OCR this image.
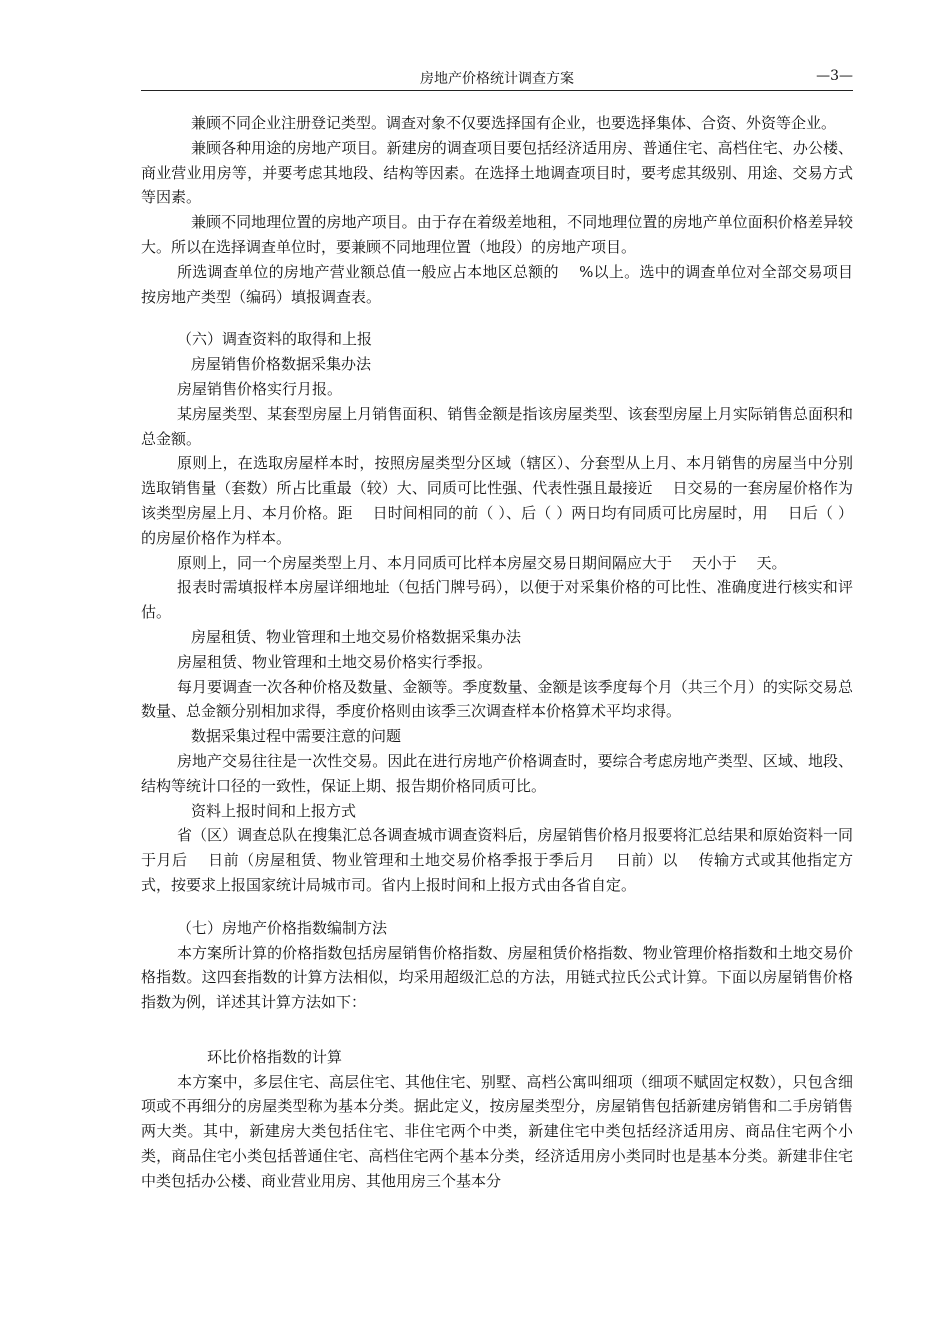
房地产价格统计调查方案	—3—

兼顾不同企业注册登记类型。调查对象不仅要选择国有企业，也要选择集体、合资、外资等企业。

兼顾各种用途的房地产项目。新建房的调查项目要包括经济适用房、普通住宅、高档住宅、办公楼、商业营业用房等，并要考虑其地段、结构等因素。在选择土地调查项目时，要考虑其级别、用途、交易方式等因素。

兼顾不同地理位置的房地产项目。由于存在着级差地租，不同地理位置的房地产单位面积价格差异较大。所以在选择调查单位时，要兼顾不同地理位置（地段）的房地产项目。

所选调查单位的房地产营业额总值一般应占本地区总额的　 %以上。选中的调查单位对全部交易项目按房地产类型（编码）填报调查表。

（六）调查资料的取得和上报

房屋销售价格数据采集办法

房屋销售价格实行月报。

某房屋类型、某套型房屋上月销售面积、销售金额是指该房屋类型、该套型房屋上月实际销售总面积和总金额。

原则上，在选取房屋样本时，按照房屋类型分区域（辖区）、分套型从上月、本月销售的房屋当中分别选取销售量（套数）所占比重最（较）大、同质可比性强、代表性强且最接近　 日交易的一套房屋价格作为该类型房屋上月、本月价格。距　 日时间相同的前（ ）、后（ ）两日均有同质可比房屋时，用　 日后（ ）的房屋价格作为样本。

原则上，同一个房屋类型上月、本月同质可比样本房屋交易日期间隔应大于　 天小于　 天。

报表时需填报样本房屋详细地址（包括门牌号码），以便于对采集价格的可比性、准确度进行核实和评估。

房屋租赁、物业管理和土地交易价格数据采集办法

房屋租赁、物业管理和土地交易价格实行季报。

每月要调查一次各种价格及数量、金额等。季度数量、金额是该季度每个月（共三个月）的实际交易总数量、总金额分别相加求得，季度价格则由该季三次调查样本价格算术平均求得。

数据采集过程中需要注意的问题

房地产交易往往是一次性交易。因此在进行房地产价格调查时，要综合考虑房地产类型、区域、地段、结构等统计口径的一致性，保证上期、报告期价格同质可比。

资料上报时间和上报方式

省（区）调查总队在搜集汇总各调查城市调查资料后，房屋销售价格月报要将汇总结果和原始资料一同于月后　 日前（房屋租赁、物业管理和土地交易价格季报于季后月　 日前）以　 传输方式或其他指定方式，按要求上报国家统计局城市司。省内上报时间和上报方式由各省自定。

（七）房地产价格指数编制方法

本方案所计算的价格指数包括房屋销售价格指数、房屋租赁价格指数、物业管理价格指数和土地交易价格指数。这四套指数的计算方法相似，均采用超级汇总的方法，用链式拉氏公式计算。下面以房屋销售价格指数为例，详述其计算方法如下：

环比价格指数的计算

本方案中，多层住宅、高层住宅、其他住宅、别墅、高档公寓叫细项（细项不赋固定权数），只包含细项或不再细分的房屋类型称为基本分类。据此定义，按房屋类型分，房屋销售包括新建房销售和二手房销售两大类。其中，新建房大类包括住宅、非住宅两个中类，新建住宅中类包括经济适用房、商品住宅两个小类，商品住宅小类包括普通住宅、高档住宅两个基本分类，经济适用房小类同时也是基本分类。新建非住宅中类包括办公楼、商业营业用房、其他用房三个基本分
